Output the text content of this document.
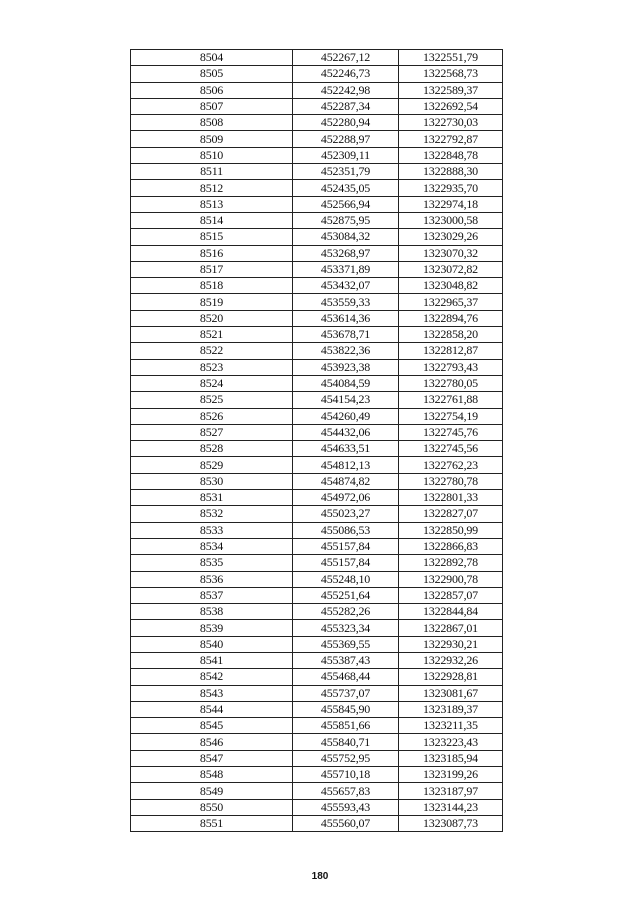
8504	452267,12	1322551,79
8505	452246,73	1322568,73
8506	452242,98	1322589,37
8507	452287,34	1322692,54
8508	452280,94	1322730,03
8509	452288,97	1322792,87
8510	452309,11	1322848,78
8511	452351,79	1322888,30
8512	452435,05	1322935,70
8513	452566,94	1322974,18
8514	452875,95	1323000,58
8515	453084,32	1323029,26
8516	453268,97	1323070,32
8517	453371,89	1323072,82
8518	453432,07	1323048,82
8519	453559,33	1322965,37
8520	453614,36	1322894,76
8521	453678,71	1322858,20
8522	453822,36	1322812,87
8523	453923,38	1322793,43
8524	454084,59	1322780,05
8525	454154,23	1322761,88
8526	454260,49	1322754,19
8527	454432,06	1322745,76
8528	454633,51	1322745,56
8529	454812,13	1322762,23
8530	454874,82	1322780,78
8531	454972,06	1322801,33
8532	455023,27	1322827,07
8533	455086,53	1322850,99
8534	455157,84	1322866,83
8535	455157,84	1322892,78
8536	455248,10	1322900,78
8537	455251,64	1322857,07
8538	455282,26	1322844,84
8539	455323,34	1322867,01
8540	455369,55	1322930,21
8541	455387,43	1322932,26
8542	455468,44	1322928,81
8543	455737,07	1323081,67
8544	455845,90	1323189,37
8545	455851,66	1323211,35
8546	455840,71	1323223,43
8547	455752,95	1323185,94
8548	455710,18	1323199,26
8549	455657,83	1323187,97
8550	455593,43	1323144,23
8551	455560,07	1323087,73
180
